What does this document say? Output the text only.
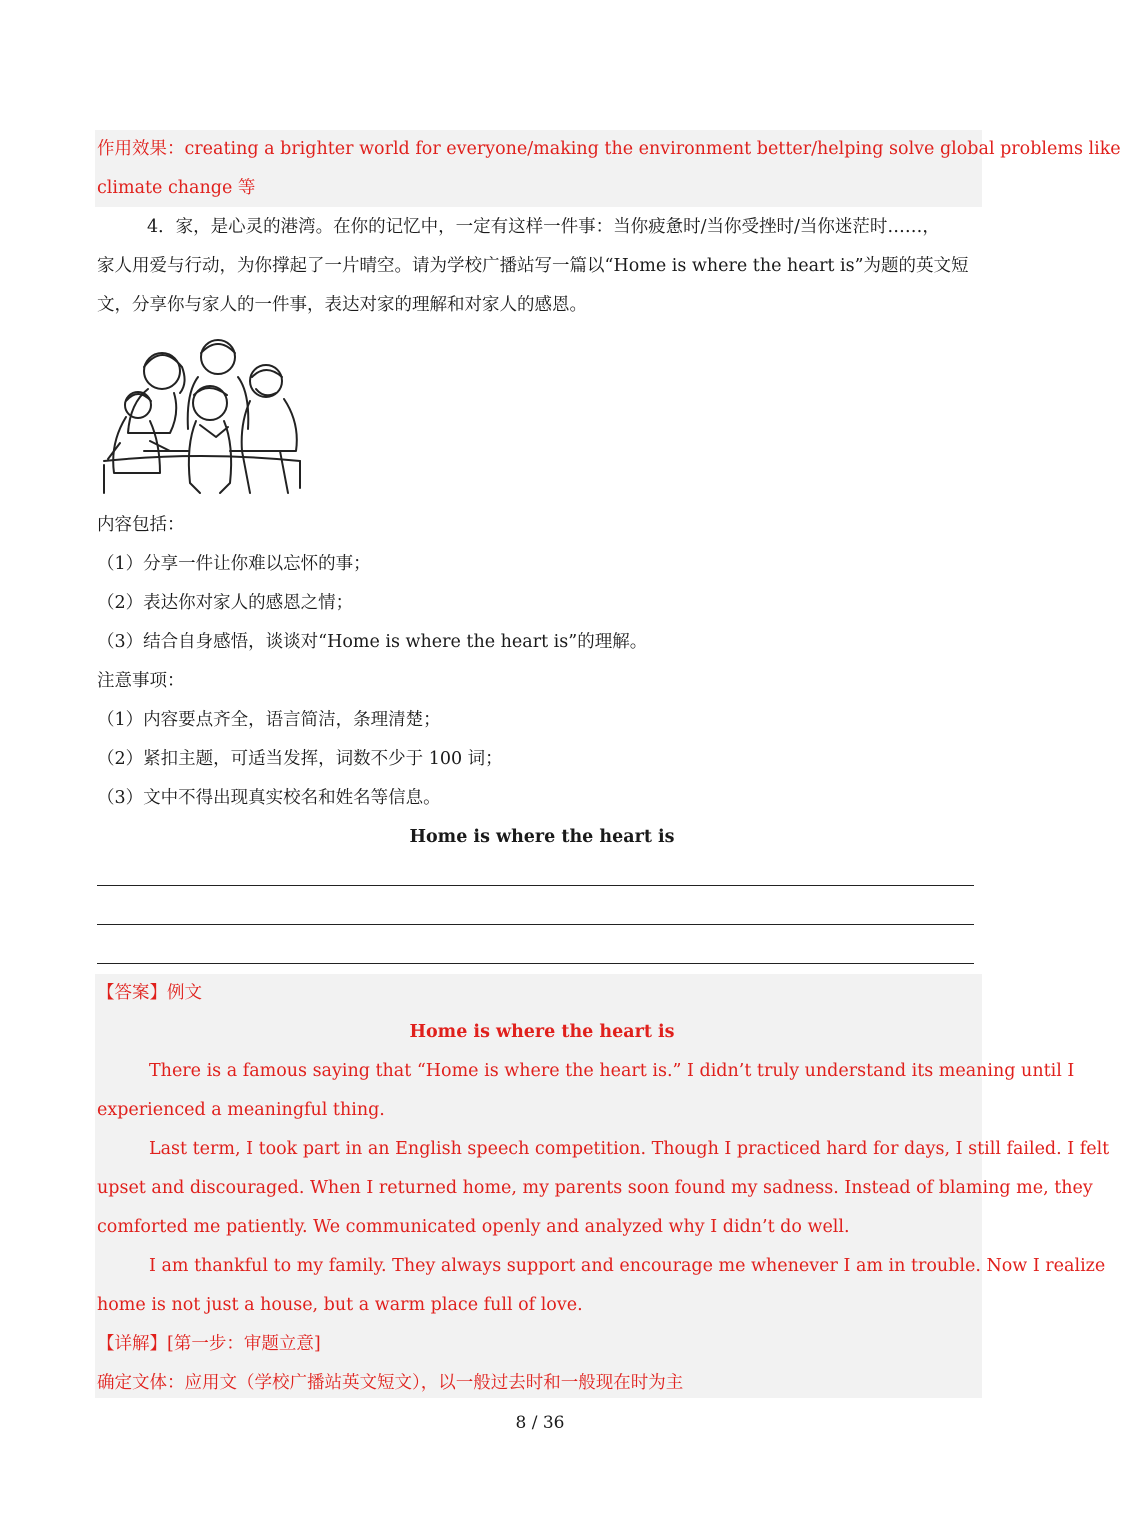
作用效果：creating a brighter world for everyone/making the environment better/helping solve global problems like
climate change 等
4．家，是心灵的港湾。在你的记忆中，一定有这样一件事：当你疲惫时/当你受挫时/当你迷茫时……，
家人用爱与行动，为你撑起了一片晴空。请为学校广播站写一篇以“Home is where the heart is”为题的英文短
文，分享你与家人的一件事，表达对家的理解和对家人的感恩。
内容包括：
（1）分享一件让你难以忘怀的事；
（2）表达你对家人的感恩之情；
（3）结合自身感悟，谈谈对“Home is where the heart is”的理解。
注意事项：
（1）内容要点齐全，语言简洁，条理清楚；
（2）紧扣主题，可适当发挥，词数不少于 100 词；
（3）文中不得出现真实校名和姓名等信息。
Home is where the heart is
【答案】例文
Home is where the heart is
There is a famous saying that “Home is where the heart is.” I didn’t truly understand its meaning until I
experienced a meaningful thing.
Last term, I took part in an English speech competition. Though I practiced hard for days, I still failed. I felt
upset and discouraged. When I returned home, my parents soon found my sadness. Instead of blaming me, they
comforted me patiently. We communicated openly and analyzed why I didn’t do well.
I am thankful to my family. They always support and encourage me whenever I am in trouble. Now I realize
home is not just a house, but a warm place full of love.
【详解】[第一步：审题立意]
确定文体：应用文（学校广播站英文短文），以一般过去时和一般现在时为主
8 / 36
